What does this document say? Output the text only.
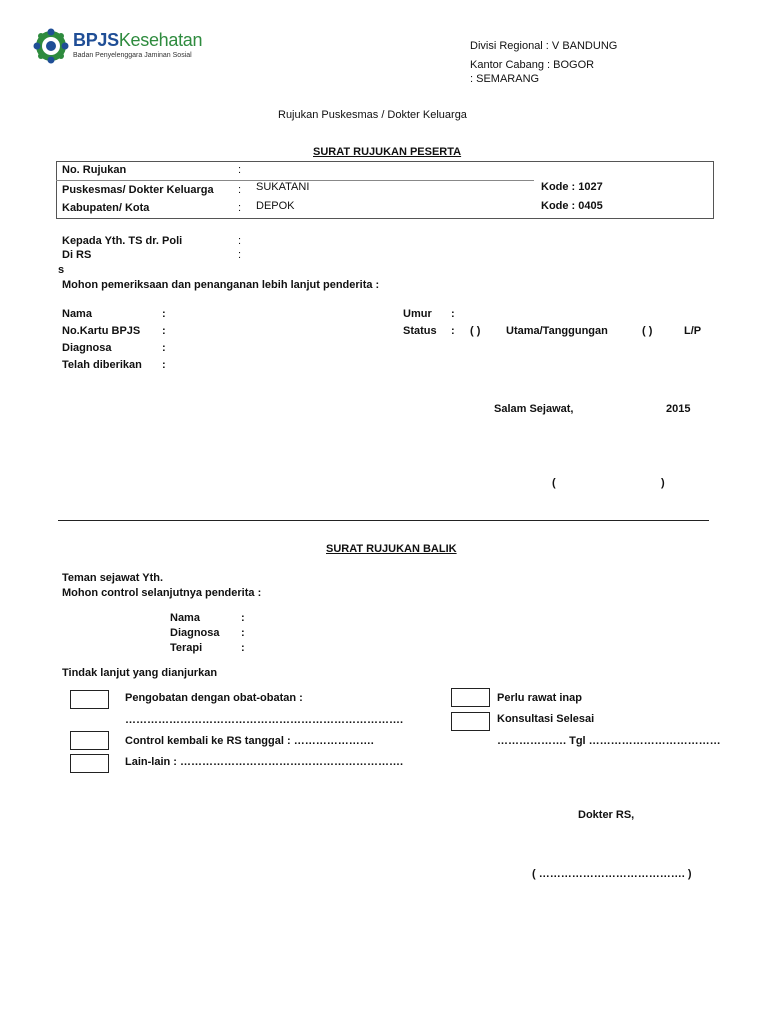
BPJSKesehatan
Badan Penyelenggara Jaminan Sosial
Divisi Regional : V BANDUNG
Kantor Cabang : BOGOR
: SEMARANG
Rujukan Puskesmas / Dokter Keluarga
SURAT RUJUKAN PESERTA
No. Rujukan	:
Puskesmas/ Dokter Keluarga : SUKATANI	Kode : 1027
Kabupaten/ Kota	: DEPOK	Kode : 0405
Kepada Yth. TS dr. Poli	:
Di RS	:
s
Mohon pemeriksaan dan penanganan lebih lanjut penderita :
Nama	:
No.Kartu BPJS :
Diagnosa	:
Telah diberikan :
Umur :
Status : ( ) Utama/Tanggungan	( )	L/P
Salam Sejawat,	2015
(	)
SURAT RUJUKAN BALIK
Teman sejawat Yth.
Mohon control selanjutnya penderita :
Nama	:
Diagnosa :
Terapi	:
Tindak lanjut yang dianjurkan
Pengobatan dengan obat-obatan :
………………………………………………………………….
Control kembali ke RS tanggal : ………………….
Lain-lain : …………………………………………………….
Perlu rawat inap
Konsultasi Selesai
………………. Tgl ………………………………
Dokter RS,
( …………………………………. )
